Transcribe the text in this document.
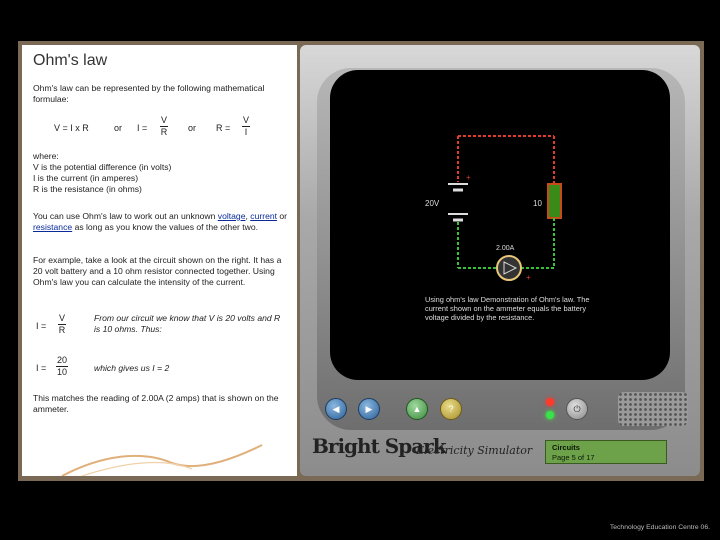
Ohm's law

Ohm's law can be represented by the following mathematical formulae:

V = I x R	or $I = \frac{V}{R}$ or $R = \frac{V}{I}$

where:

V is the potential difference (in volts)

I is the current (in amperes)

R is the resistance (in ohms)

You can use Ohm's law to work out an unknown voltage, current or resistance as long as you know the values of the other two.

For example, take a look at the circuit shown on the right. It has a 20 volt battery and a 10 ohm resistor connected together. Using Ohm's law you can calculate the intensity of the current.

$I = \frac{V}{R}$	From our circuit we know that V is 20 volts and R is 10 ohms. Thus:

$I = \frac{20}{10}$	which gives us I = 2

This matches the reading of 2.00A (2 amps) that is shown on the ammeter.

20V	10
2.00A
+
+
Using ohm's law Demonstration of Ohm's law. The current shown on the ammeter equals the battery voltage divided by the resistance.
◀	▶	▲	?	⏻
Bright Spark
Electricity Simulator	Circuits
Page 5 of 17
Technology Education Centre 06.
